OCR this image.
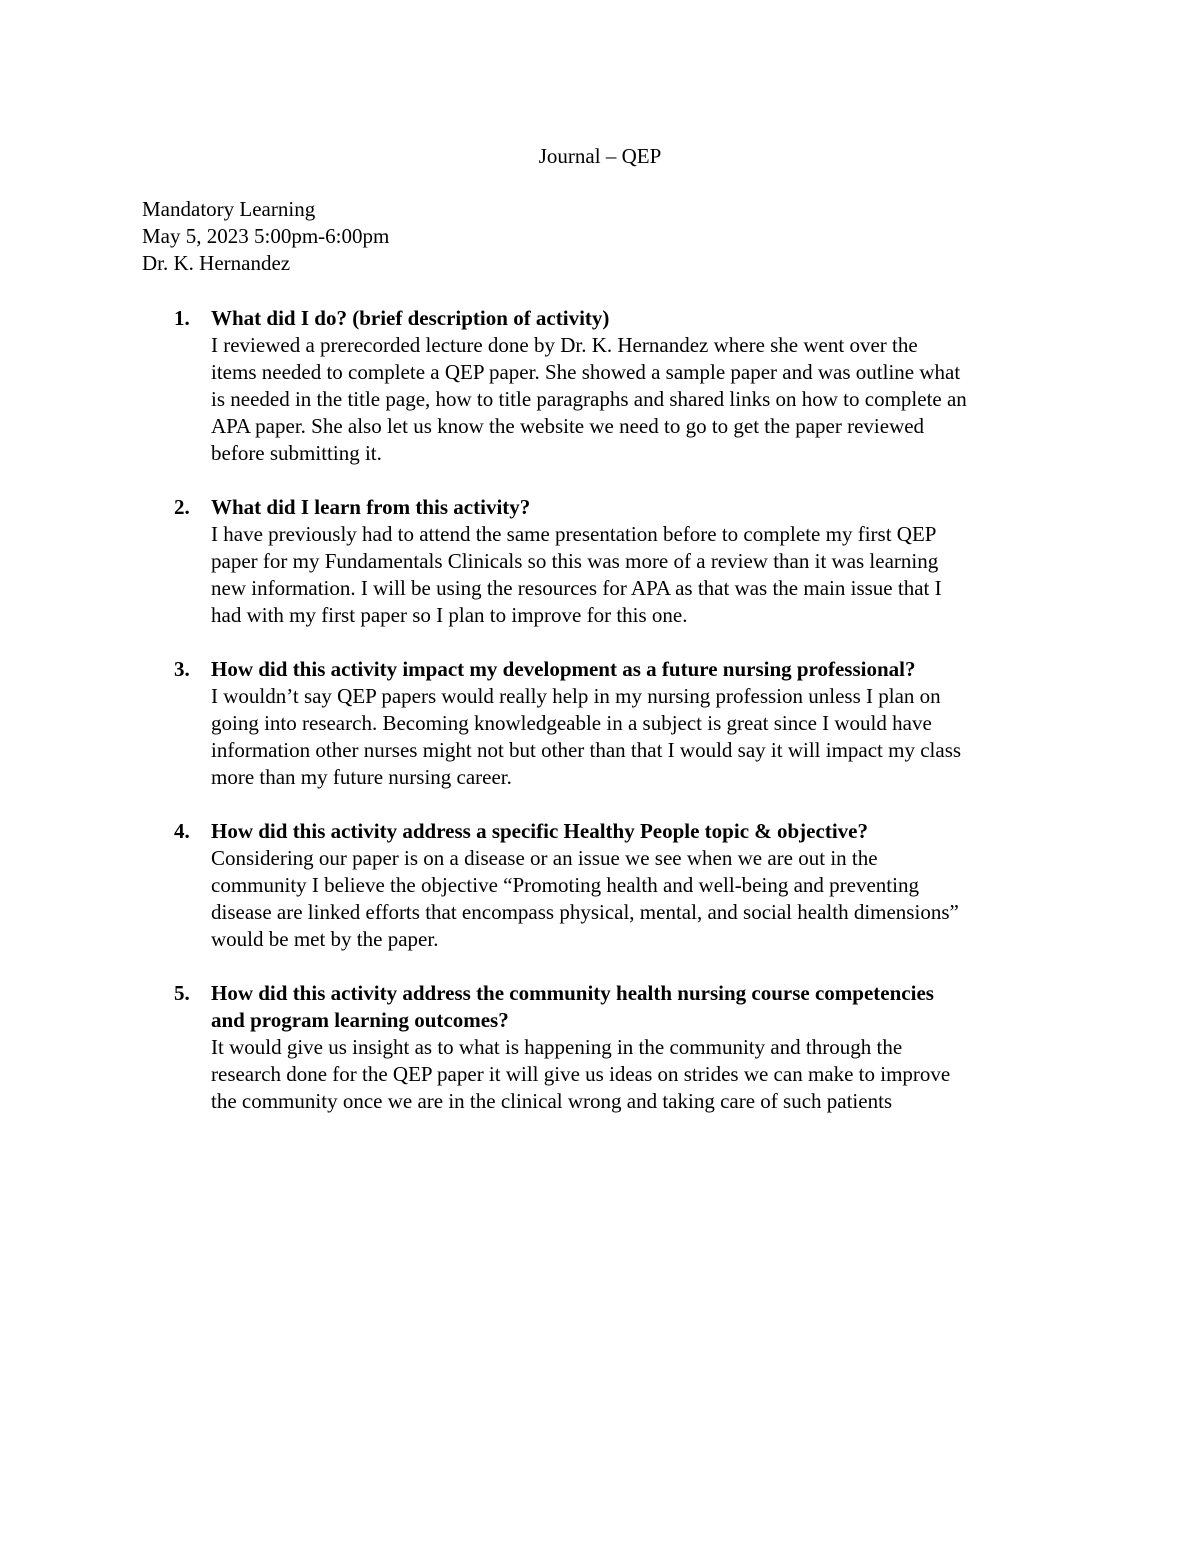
Journal – QEP
Mandatory Learning
May 5, 2023 5:00pm-6:00pm
Dr. K. Hernandez
1. What did I do? (brief description of activity)
I reviewed a prerecorded lecture done by Dr. K. Hernandez where she went over the
items needed to complete a QEP paper. She showed a sample paper and was outline what
is needed in the title page, how to title paragraphs and shared links on how to complete an
APA paper. She also let us know the website we need to go to get the paper reviewed
before submitting it.
2. What did I learn from this activity?
I have previously had to attend the same presentation before to complete my first QEP
paper for my Fundamentals Clinicals so this was more of a review than it was learning
new information. I will be using the resources for APA as that was the main issue that I
had with my first paper so I plan to improve for this one.
3. How did this activity impact my development as a future nursing professional?
I wouldn’t say QEP papers would really help in my nursing profession unless I plan on
going into research. Becoming knowledgeable in a subject is great since I would have
information other nurses might not but other than that I would say it will impact my class
more than my future nursing career.
4. How did this activity address a specific Healthy People topic & objective?
Considering our paper is on a disease or an issue we see when we are out in the
community I believe the objective “Promoting health and well-being and preventing
disease are linked efforts that encompass physical, mental, and social health dimensions”
would be met by the paper.
5. How did this activity address the community health nursing course competencies
and program learning outcomes?
It would give us insight as to what is happening in the community and through the
research done for the QEP paper it will give us ideas on strides we can make to improve
the community once we are in the clinical wrong and taking care of such patients
